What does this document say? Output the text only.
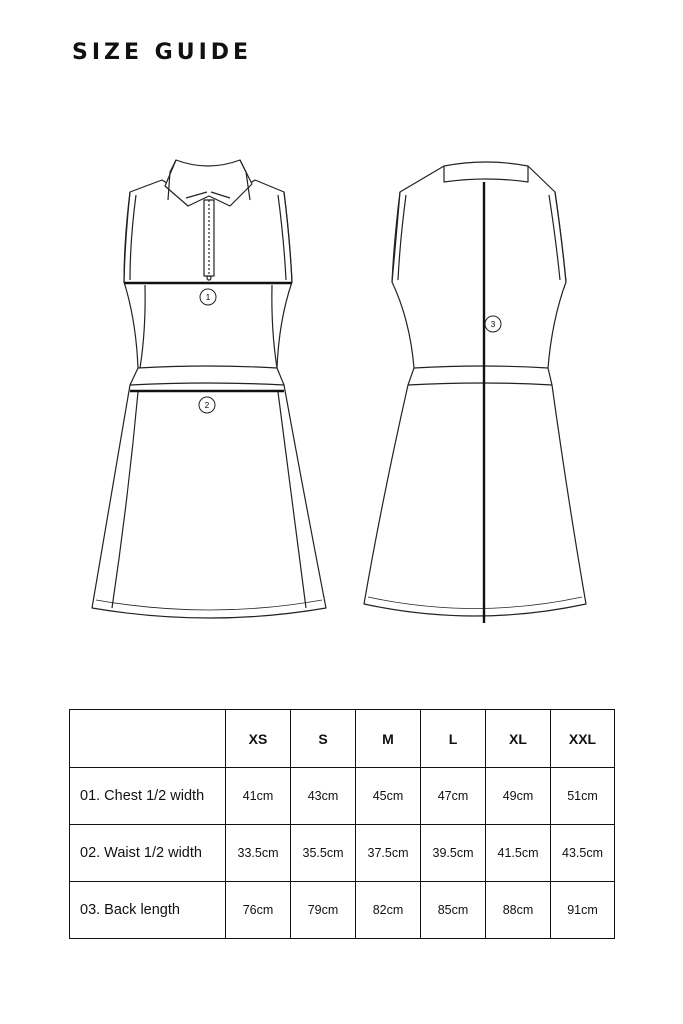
SIZE GUIDE
1
2
3
	XS	S	M	L	XL	XXL
01. Chest 1/2 width	41cm	43cm	45cm	47cm	49cm	51cm
02. Waist 1/2 width	33.5cm	35.5cm	37.5cm	39.5cm	41.5cm	43.5cm
03. Back length	76cm	79cm	82cm	85cm	88cm	91cm
